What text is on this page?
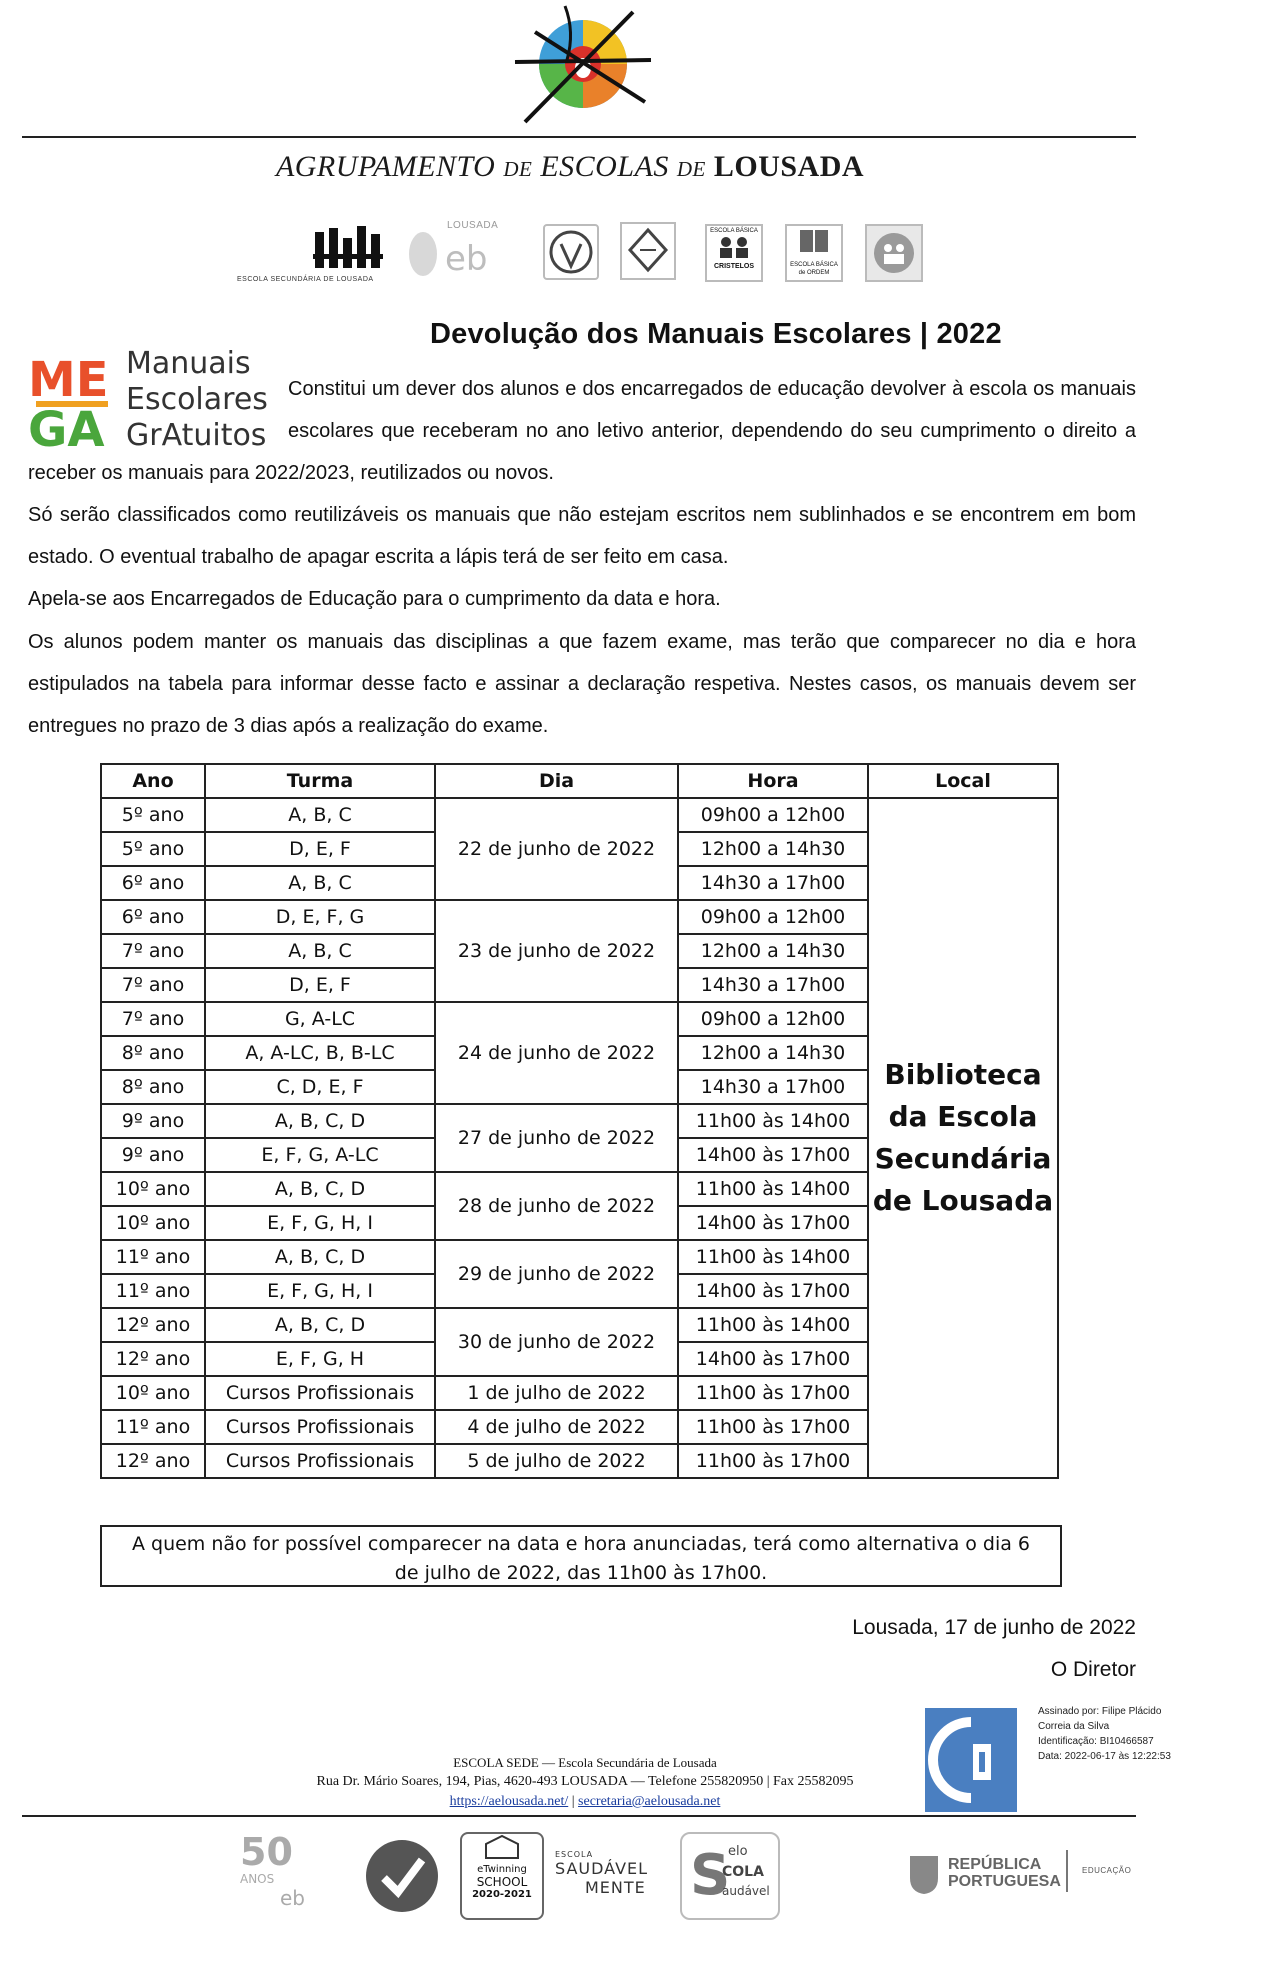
AGRUPAMENTO DE ESCOLAS DE LOUSADA
ESCOLA SECUNDÁRIA DE LOUSADA
eb
LOUSADA	ESCOLA BÁSICA
CRISTELOS	ESCOLA BÁSICA de ORDEM
ME
GA
Manuais
Escolares
GrAtuitos
Devolução dos Manuais Escolares | 2022
Constitui um dever dos alunos e dos encarregados de educação devolver à escola os manuais
escolares que receberam no ano letivo anterior, dependendo do seu cumprimento o direito a
receber os manuais para 2022/2023, reutilizados ou novos.
Só serão classificados como reutilizáveis os manuais que não estejam escritos nem sublinhados e se encontrem em bom
estado. O eventual trabalho de apagar escrita a lápis terá de ser feito em casa.
Apela-se aos Encarregados de Educação para o cumprimento da data e hora.
Os alunos podem manter os manuais das disciplinas a que fazem exame, mas terão que comparecer no dia e hora
estipulados na tabela para informar desse facto e assinar a declaração respetiva. Nestes casos, os manuais devem ser
entregues no prazo de 3 dias após a realização do exame.
Ano	Turma	Dia	Hora	Local
5º ano	A, B, C	22 de junho de 2022	09h00 a 12h00	Biblioteca
da Escola
Secundária
de Lousada

5º ano	D, E, F		12h00 a 14h30	
6º ano	A, B, C		14h30 a 17h00	
6º ano	D, E, F, G	23 de junho de 2022	09h00 a 12h00	
7º ano	A, B, C		12h00 a 14h30	
7º ano	D, E, F		14h30 a 17h00	
7º ano	G, A-LC	24 de junho de 2022	09h00 a 12h00	
8º ano	A, A-LC, B, B-LC		12h00 a 14h30	
8º ano	C, D, E, F		14h30 a 17h00	
9º ano	A, B, C, D	27 de junho de 2022	11h00 às 14h00	
9º ano	E, F, G, A-LC		14h00 às 17h00	
10º ano	A, B, C, D	28 de junho de 2022	11h00 às 14h00	
10º ano	E, F, G, H, I		14h00 às 17h00	
11º ano	A, B, C, D	29 de junho de 2022	11h00 às 14h00	
11º ano	E, F, G, H, I		14h00 às 17h00	
12º ano	A, B, C, D	30 de junho de 2022	11h00 às 14h00	
12º ano	E, F, G, H		14h00 às 17h00	
10º ano	Cursos Profissionais	1 de julho de 2022	11h00 às 17h00	
11º ano	Cursos Profissionais	4 de julho de 2022	11h00 às 17h00	
12º ano	Cursos Profissionais	5 de julho de 2022	11h00 às 17h00	
A quem não for possível comparecer na data e hora anunciadas, terá como alternativa o dia 6
de julho de 2022, das 11h00 às 17h00.
Lousada, 17 de junho de 2022
O Diretor
Assinado por: Filipe Plácido
Correia da Silva
Identificação: BI10466587
Data: 2022-06-17 às 12:22:53
ESCOLA SEDE — Escola Secundária de Lousada
Rua Dr. Mário Soares, 194, Pias, 4620-493 LOUSADA — Telefone 255820950 | Fax 25582095
https://aelousada.net/ | secretaria@aelousada.net
50
ANOS
eb
eTwinning
SCHOOL
2020-2021
ESCOLA
SAUDÁVEL
MENTE S
elo
COLA
audável
REPÚBLICA
PORTUGUESA
EDUCAÇÃO
